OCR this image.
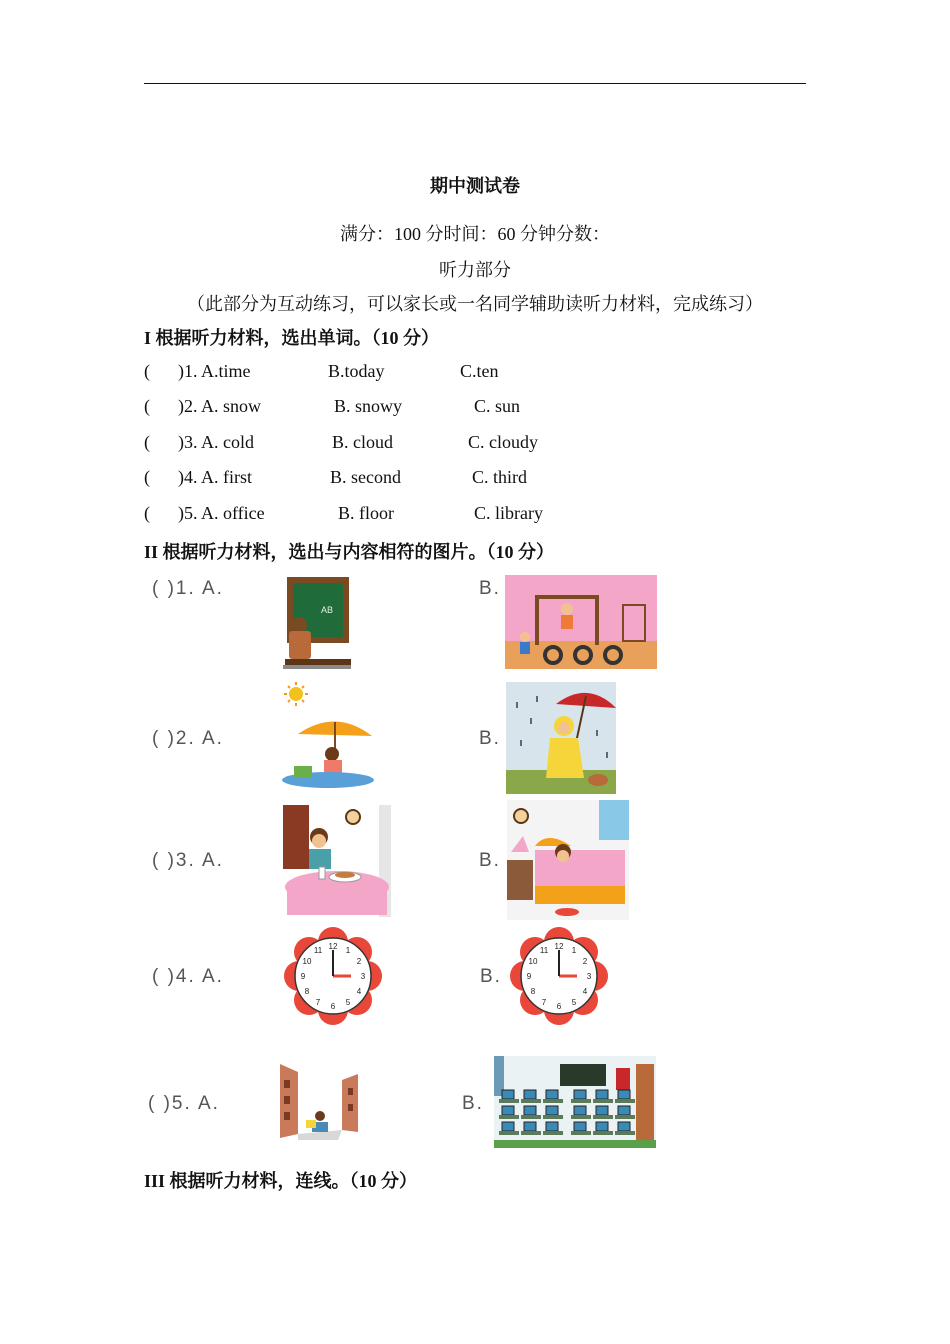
期中测试卷
满分：100 分时间：60 分钟分数：
听力部分
（此部分为互动练习，可以家长或一名同学辅助读听力材料，完成练习）
I 根据听力材料，选出单词。（10 分）
( )1. A.time	B.today	C.ten
( )2. A. snow	B. snowy	C. sun
( )3. A. cold	B. cloud	C. cloudy
( )4. A. first	B. second	C. third
( )5. A. office	B. floor	C. library
II 根据听力材料，选出与内容相符的图片。（10 分）
( )1. A.
AB
B.
( )2. A.	B.
( )3. A.	B.
( )4. A.
12 1
2
3
4
5
6
7
8
9
10
11
B.
12 1
2
3
4
5
6
7
8
9
10
11
( )5. A.	B.
III 根据听力材料，连线。（10 分）
